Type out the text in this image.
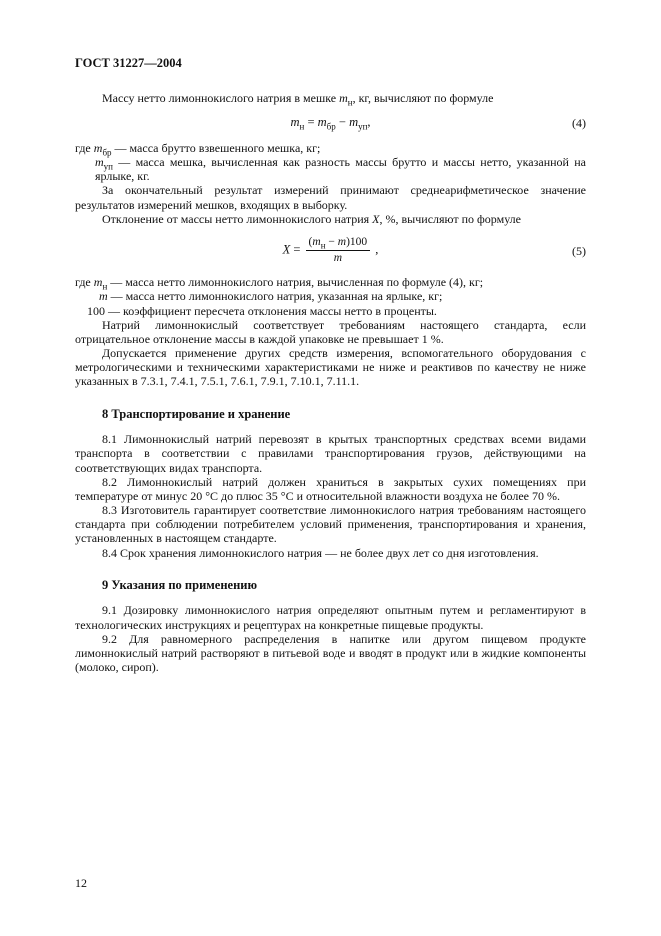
ГОСТ 31227—2004

Массу нетто лимоннокислого натрия в мешке $m_н$, кг, вычисляют по формуле

$m_н = m_{бр} - m_{уп}$,	(4)
где $m_{бр}$ — масса брутто взвешенного мешка, кг;
$m_{уп}$ — масса мешка, вычисленная как разность массы брутто и массы нетто, указанной на ярлыке, кг.

За окончательный результат измерений принимают среднеарифметическое значение результатов измерений мешков, входящих в выборку.

Отклонение от массы нетто лимоннокислого натрия X, %, вычисляют по формуле

$X = \frac{(m_н - m)100}{m}$ ,	(5)
где $m_н$ — масса нетто лимоннокислого натрия, вычисленная по формуле (4), кг;
m — масса нетто лимоннокислого натрия, указанная на ярлыке, кг;
100 — коэффициент пересчета отклонения массы нетто в проценты.

Натрий лимоннокислый соответствует требованиям настоящего стандарта, если отрицательное отклонение массы в каждой упаковке не превышает 1 %.

Допускается применение других средств измерения, вспомогательного оборудования с метрологическими и техническими характеристиками не ниже и реактивов по качеству не ниже указанных в 7.3.1, 7.4.1, 7.5.1, 7.6.1, 7.9.1, 7.10.1, 7.11.1.

8 Транспортирование и хранение

8.1 Лимоннокислый натрий перевозят в крытых транспортных средствах всеми видами транспорта в соответствии с правилами транспортирования грузов, действующими на соответствующих видах транспорта.

8.2 Лимоннокислый натрий должен храниться в закрытых сухих помещениях при температуре от минус 20 °С до плюс 35 °С и относительной влажности воздуха не более 70 %.

8.3 Изготовитель гарантирует соответствие лимоннокислого натрия требованиям настоящего стандарта при соблюдении потребителем условий применения, транспортирования и хранения, установленных в настоящем стандарте.

8.4 Срок хранения лимоннокислого натрия — не более двух лет со дня изготовления.

9 Указания по применению

9.1 Дозировку лимоннокислого натрия определяют опытным путем и регламентируют в технологических инструкциях и рецептурах на конкретные пищевые продукты.

9.2 Для равномерного распределения в напитке или другом пищевом продукте лимоннокислый натрий растворяют в питьевой воде и вводят в продукт или в жидкие компоненты (молоко, сироп).

12
